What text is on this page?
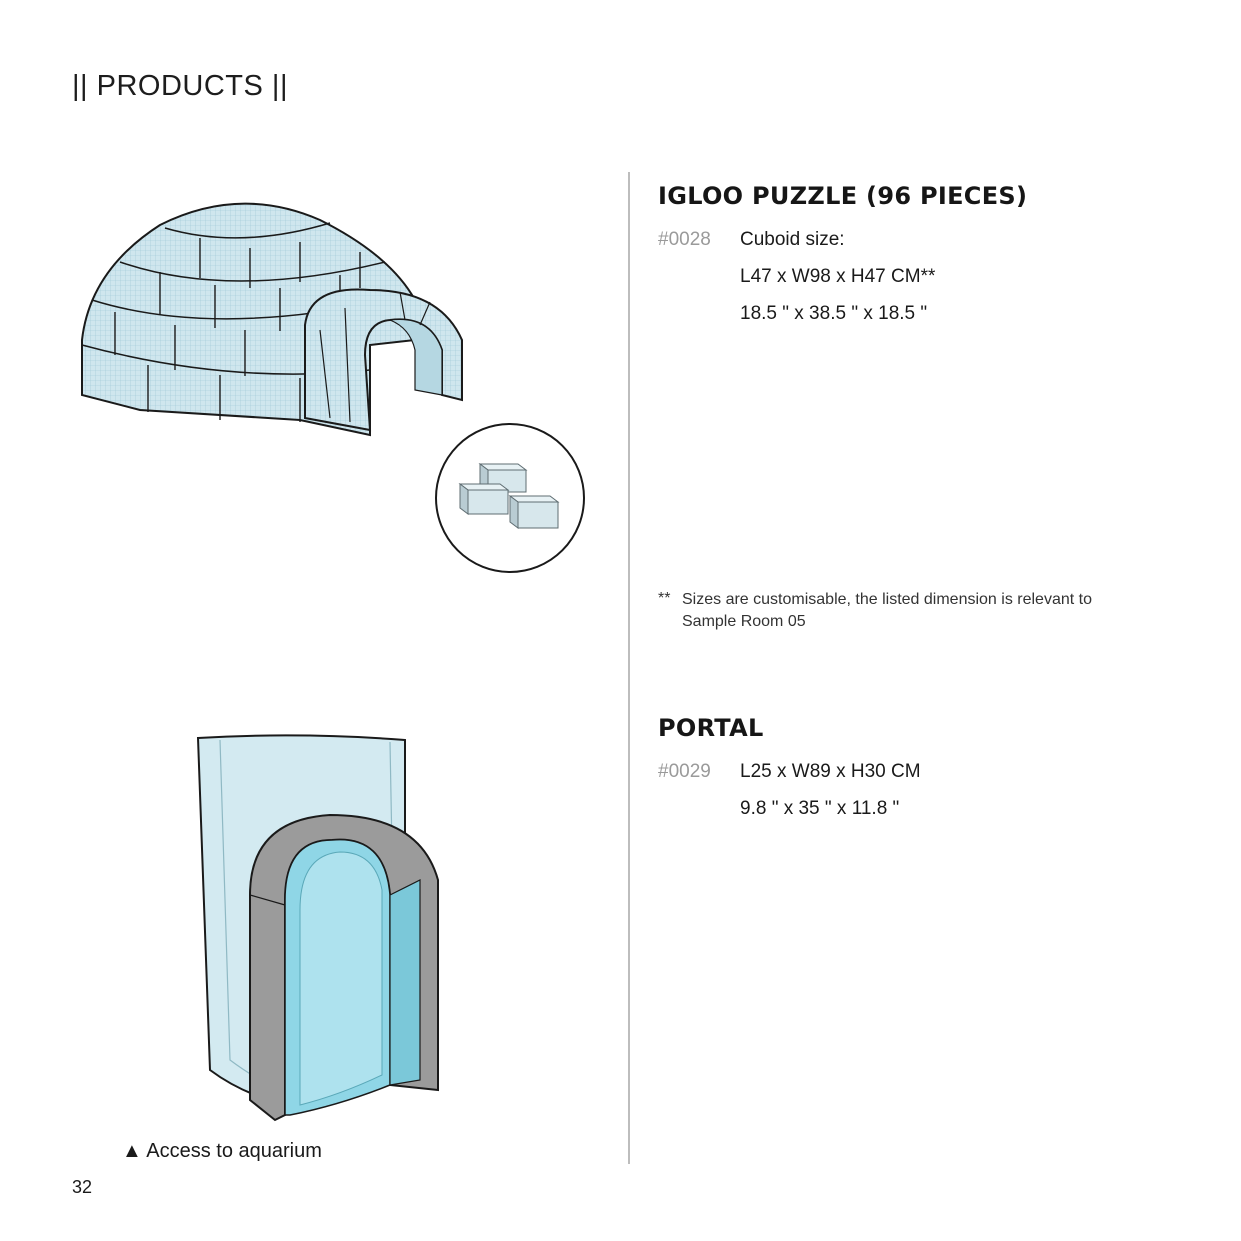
|| PRODUCTS ||
▲ Access to aquarium
32
IGLOO PUZZLE (96 PIECES)
#0028 Cuboid size:
L47 x W98 x H47 CM**
18.5 " x 38.5 " x 18.5 "
** Sizes are customisable, the listed dimension is relevant to
Sample Room 05
PORTAL
#0029 L25 x W89 x H30 CM
9.8 " x 35 " x 11.8 "
